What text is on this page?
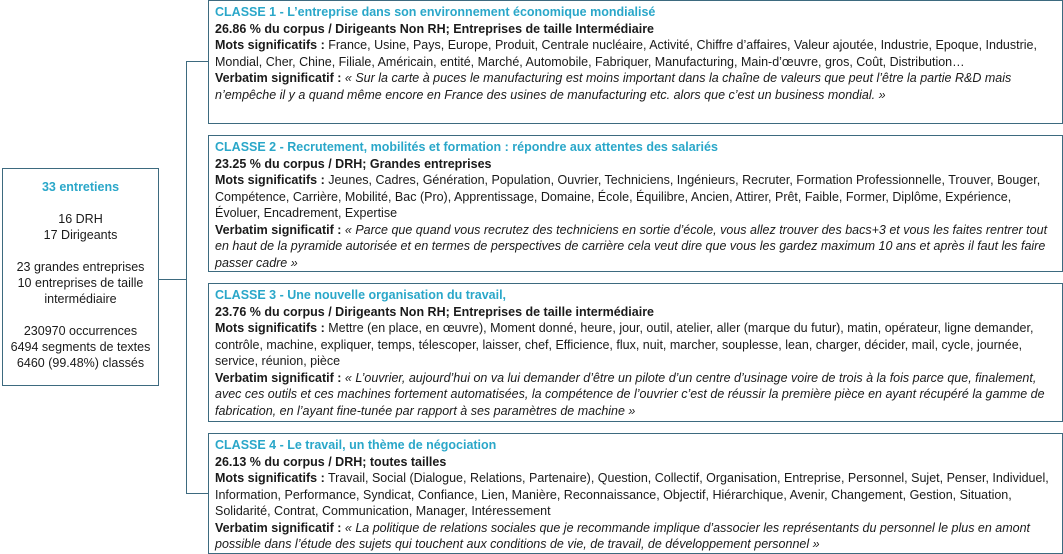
33 entretiens
16 DRH
17 Dirigeants
23 grandes entreprises
10 entreprises de taille
intermédiaire
230970 occurrences
6494 segments de textes
6460 (99.48%) classés
CLASSE 1 - L’entreprise dans son environnement économique mondialisé
26.86 % du corpus / Dirigeants Non RH; Entreprises de taille Intermédiaire
Mots significatifs : France, Usine, Pays, Europe, Produit, Centrale nucléaire, Activité, Chiffre d’affaires, Valeur ajoutée, Industrie, Epoque, Industrie, Mondial, Cher, Chine, Filiale, Américain, entité, Marché, Automobile, Fabriquer, Manufacturing, Main-d’œuvre, gros, Coût, Distribution…
Verbatim significatif : « Sur la carte à puces le manufacturing est moins important dans la chaîne de valeurs que peut l’être la partie R&D mais n’empêche il y a quand même encore en France des usines de manufacturing etc. alors que c’est un business mondial. »
CLASSE 2 - Recrutement, mobilités et formation : répondre aux attentes des salariés
23.25 % du corpus / DRH; Grandes entreprises
Mots significatifs : Jeunes, Cadres, Génération, Population, Ouvrier, Techniciens, Ingénieurs, Recruter, Formation Professionnelle, Trouver, Bouger, Compétence, Carrière, Mobilité, Bac (Pro), Apprentissage, Domaine, École, Équilibre, Ancien, Attirer, Prêt, Faible, Former, Diplôme, Expérience, Évoluer, Encadrement, Expertise
Verbatim significatif : « Parce que quand vous recrutez des techniciens en sortie d’école, vous allez trouver des bacs+3 et vous les faites rentrer tout en haut de la pyramide autorisée et en termes de perspectives de carrière cela veut dire que vous les gardez maximum 10 ans et après il faut les faire passer cadre »
CLASSE 3 - Une nouvelle organisation du travail,
23.76 % du corpus / Dirigeants Non RH; Entreprises de taille intermédiaire
Mots significatifs : Mettre (en place, en œuvre), Moment donné, heure, jour, outil, atelier, aller (marque du futur), matin, opérateur, ligne demander, contrôle, machine, expliquer, temps, télescoper, laisser, chef, Efficience, flux, nuit, marcher, souplesse, lean, charger, décider, mail, cycle, journée, service, réunion, pièce
Verbatim significatif : « L’ouvrier, aujourd’hui on va lui demander d’être un pilote d’un centre d’usinage voire de trois à la fois parce que, finalement, avec ces outils et ces machines fortement automatisées, la compétence de l’ouvrier c’est de réussir la première pièce en ayant récupéré la gamme de fabrication, en l’ayant fine-tunée par rapport à ses paramètres de machine »
CLASSE 4 - Le travail, un thème de négociation
26.13 % du corpus / DRH; toutes tailles
Mots significatifs : Travail, Social (Dialogue, Relations, Partenaire), Question, Collectif, Organisation, Entreprise, Personnel, Sujet, Penser, Individuel, Information, Performance, Syndicat, Confiance, Lien, Manière, Reconnaissance, Objectif, Hiérarchique, Avenir, Changement, Gestion, Situation, Solidarité, Contrat, Communication, Manager, Intéressement
Verbatim significatif : « La politique de relations sociales que je recommande implique d’associer les représentants du personnel le plus en amont possible dans l’étude des sujets qui touchent aux conditions de vie, de travail, de développement personnel »
